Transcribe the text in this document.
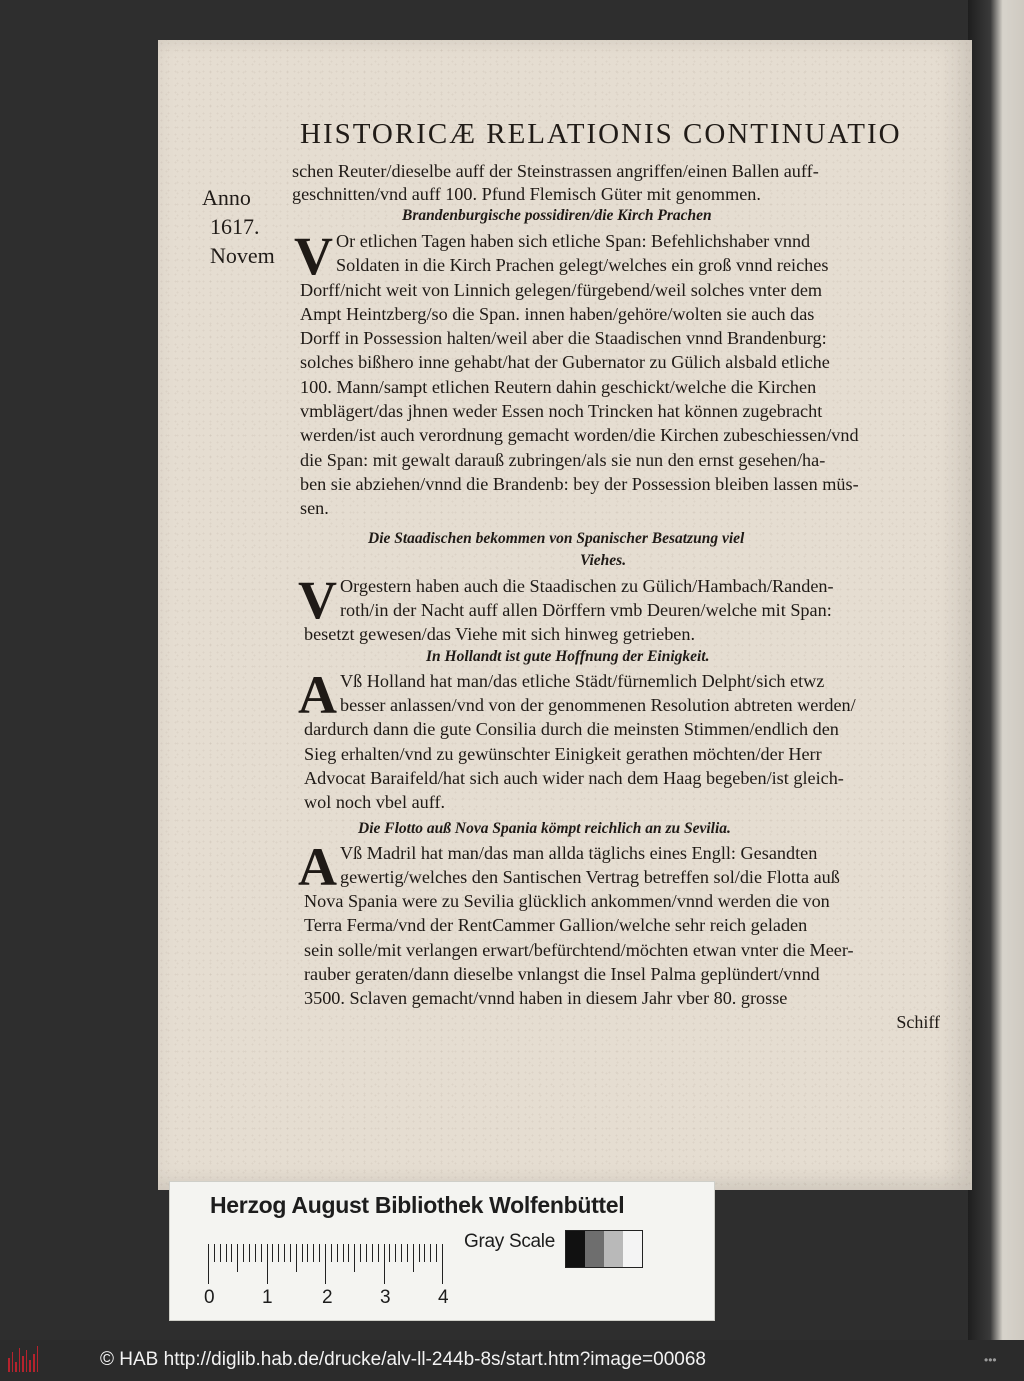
HISTORICÆ RELATIONIS CONTINUATIO
Anno
1617.
Novem

schen Reuter/dieselbe auff der Steinstrassen angriffen/einen Ballen auff-

geschnitten/vnd auff 100. Pfund Flemisch Güter mit genommen.

Brandenburgische possidiren/die Kirch Prachen

V Or etlichen Tagen haben sich etliche Span: Befehlichshaber vnnd

Soldaten in die Kirch Prachen gelegt/welches ein groß vnnd reiches

Dorff/nicht weit von Linnich gelegen/fürgebend/weil solches vnter dem

Ampt Heintzberg/so die Span. innen haben/gehöre/wolten sie auch das

Dorff in Possession halten/weil aber die Staadischen vnnd Brandenburg:

solches bißhero inne gehabt/hat der Gubernator zu Gülich alsbald etliche

100. Mann/sampt etlichen Reutern dahin geschickt/welche die Kirchen

vmblägert/das jhnen weder Essen noch Trincken hat können zugebracht

werden/ist auch verordnung gemacht worden/die Kirchen zubeschiessen/vnd

die Span: mit gewalt darauß zubringen/als sie nun den ernst gesehen/ha-

ben sie abziehen/vnnd die Brandenb: bey der Possession bleiben lassen müs-

sen.

Die Staadischen bekommen von Spanischer Besatzung viel

Viehes.

V Orgestern haben auch die Staadischen zu Gülich/Hambach/Randen-

roth/in der Nacht auff allen Dörffern vmb Deuren/welche mit Span:

besetzt gewesen/das Viehe mit sich hinweg getrieben.

In Hollandt ist gute Hoffnung der Einigkeit.

A Vß Holland hat man/das etliche Städt/fürnemlich Delpht/sich etwz

besser anlassen/vnd von der genommenen Resolution abtreten werden/

dardurch dann die gute Consilia durch die meinsten Stimmen/endlich den

Sieg erhalten/vnd zu gewünschter Einigkeit gerathen möchten/der Herr

Advocat Baraifeld/hat sich auch wider nach dem Haag begeben/ist gleich-

wol noch vbel auff.

Die Flotto auß Nova Spania kömpt reichlich an zu Sevilia.

A Vß Madril hat man/das man allda täglichs eines Engll: Gesandten

gewertig/welches den Santischen Vertrag betreffen sol/die Flotta auß

Nova Spania were zu Sevilia glücklich ankommen/vnnd werden die von

Terra Ferma/vnd der RentCammer Gallion/welche sehr reich geladen

sein solle/mit verlangen erwart/befürchtend/möchten etwan vnter die Meer-

rauber geraten/dann dieselbe vnlangst die Insel Palma geplündert/vnnd

3500. Sclaven gemacht/vnnd haben in diesem Jahr vber 80. grosse

Schiff

Herzog August Bibliothek Wolfenbüttel

0 1	2 3 4
Gray Scale

© HAB http://diglib.hab.de/drucke/alv-ll-244b-8s/start.htm?image=00068	•••
